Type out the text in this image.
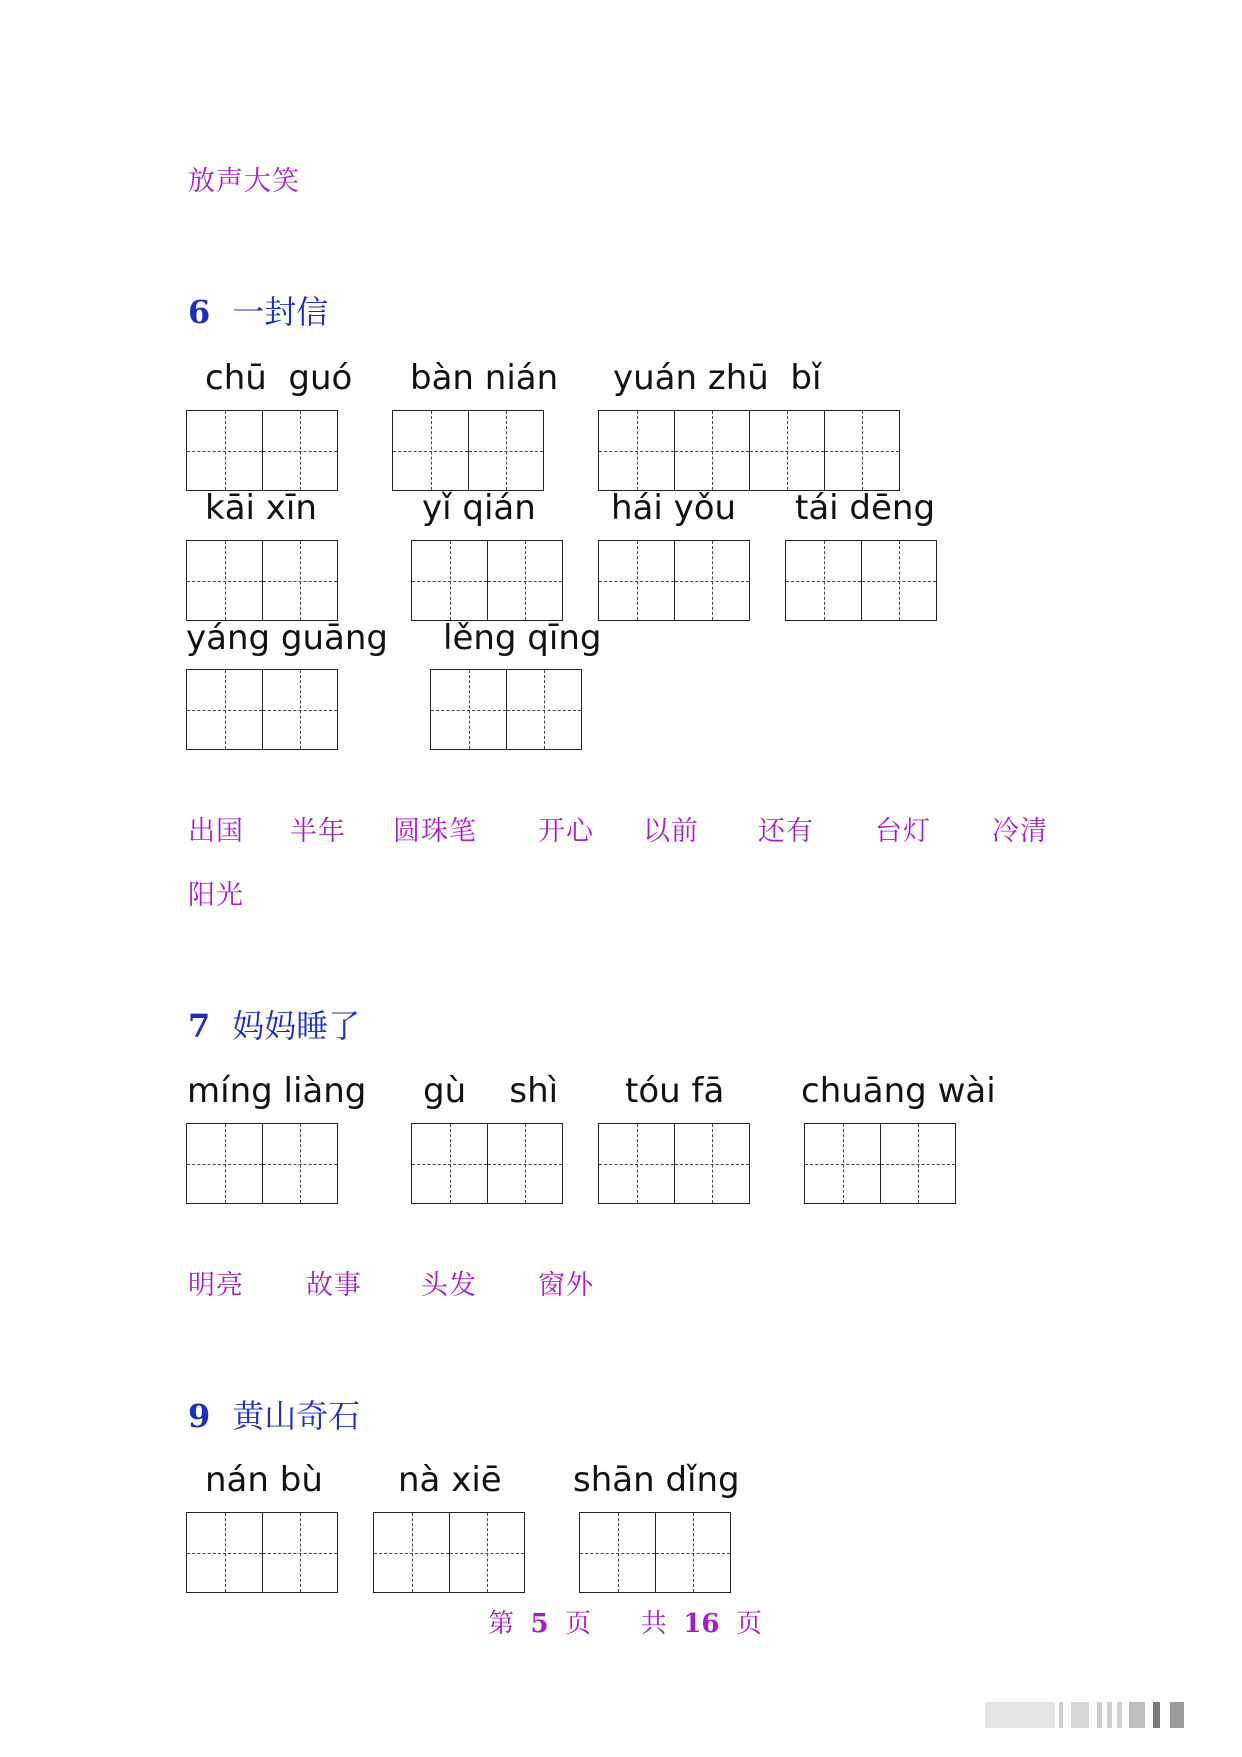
放声大笑
6 一封信
chū  guó bàn nián yuán zhū  bǐ
kāi xīn	yǐ qián hái yǒu tái dēng
yáng guāng lěng qīng
出国 半年 圆珠笔 开心 以前 还有 台灯 冷清
阳光
7 妈妈睡了
míng liàng gù    shì tóu fā chuāng wài
明亮 故事 头发 窗外
9 黄山奇石
nán bù nà xiē shān dǐng
第 5 页 共 16 页
